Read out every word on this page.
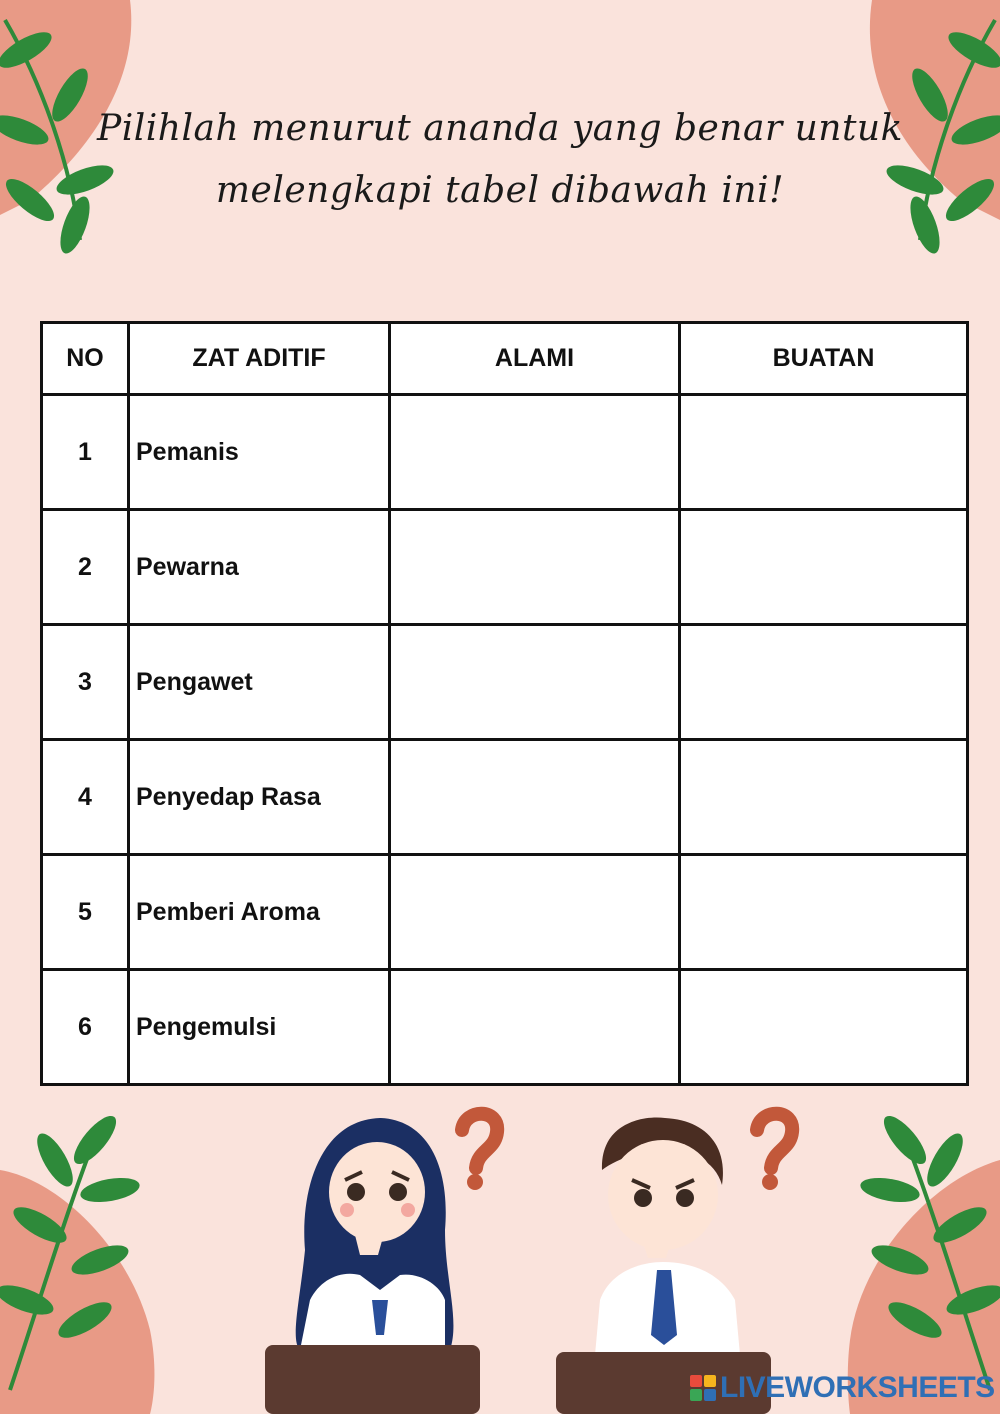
Pilihlah menurut ananda yang benar untuk
melengkapi tabel dibawah ini!
NO	ZAT ADITIF	ALAMI	BUATAN
1	Pemanis		
2	Pewarna		
3	Pengawet		
4	Penyedap Rasa		
5	Pemberi Aroma		
6	Pengemulsi		
LIVEWORKSHEETS
